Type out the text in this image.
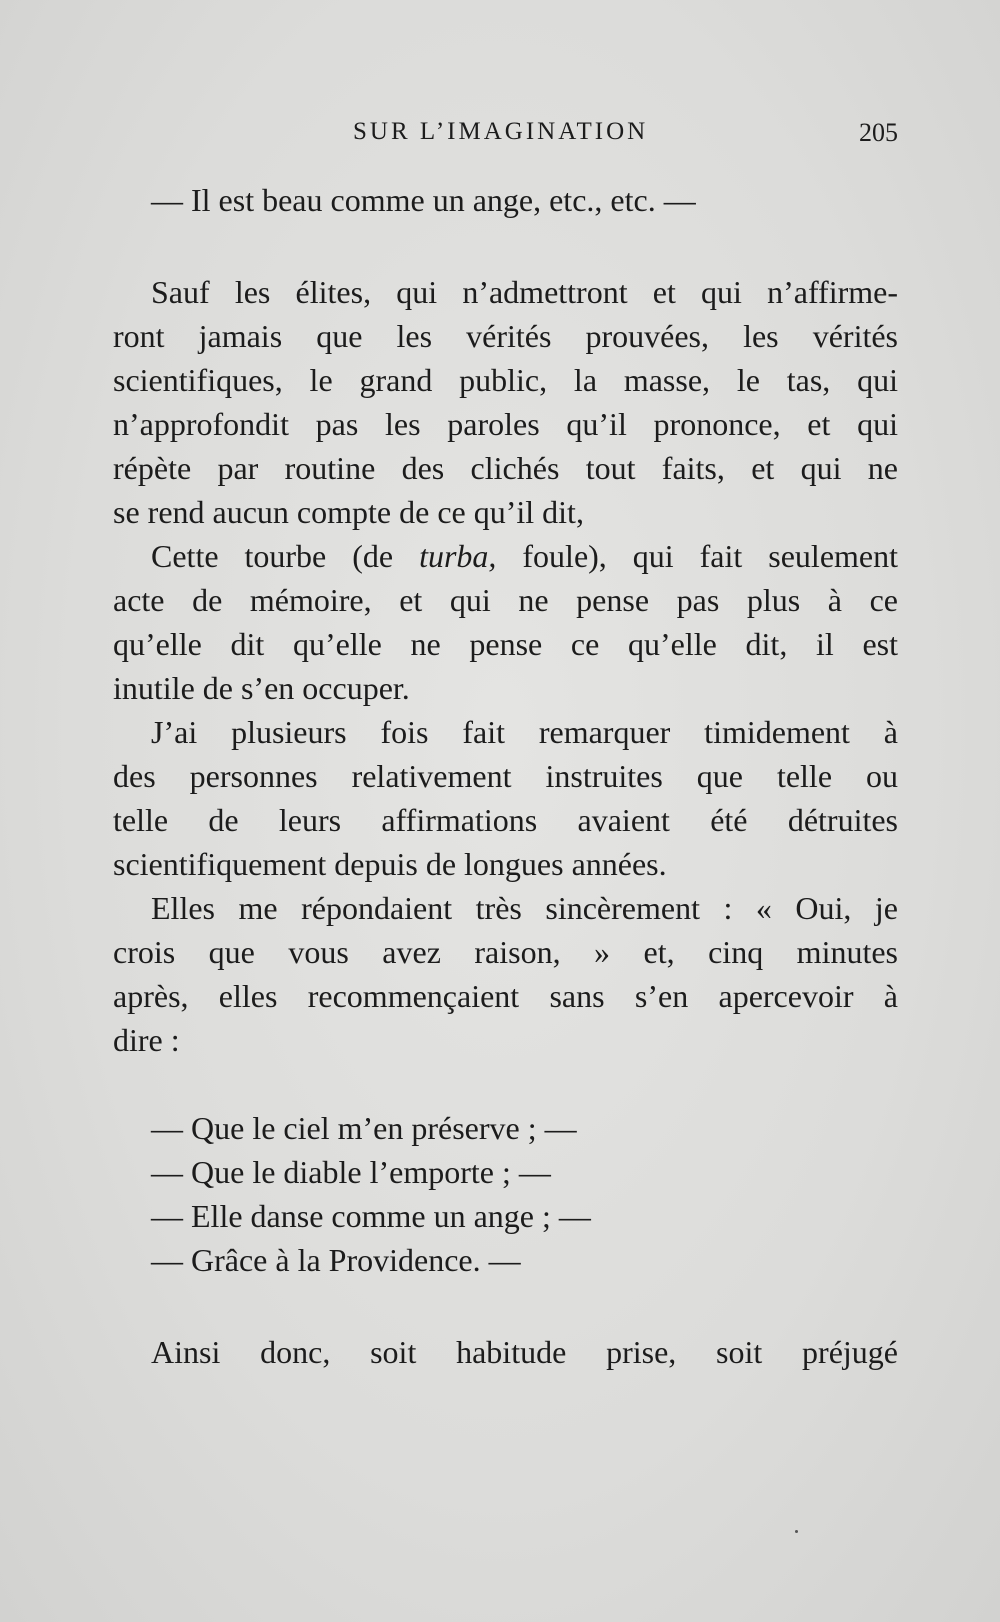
SUR L’IMAGINATION	205
— Il est beau comme un ange, etc., etc. —
Sauf les élites, qui n’admettront et qui n’affirme-
ront jamais que les vérités prouvées, les vérités
scientifiques, le grand public, la masse, le tas, qui
n’approfondit pas les paroles qu’il prononce, et qui
répète par routine des clichés tout faits, et qui ne
se rend aucun compte de ce qu’il dit,
Cette tourbe (de turba, foule), qui fait seulement
acte de mémoire, et qui ne pense pas plus à ce
qu’elle dit qu’elle ne pense ce qu’elle dit, il est
inutile de s’en occuper.
J’ai plusieurs fois fait remarquer timidement à
des personnes relativement instruites que telle ou
telle de leurs affirmations avaient été détruites
scientifiquement depuis de longues années.
Elles me répondaient très sincèrement : « Oui, je
crois que vous avez raison, » et, cinq minutes
après, elles recommençaient sans s’en apercevoir à
dire :
— Que le ciel m’en préserve ; —
— Que le diable l’emporte ; —
— Elle danse comme un ange ; —
— Grâce à la Providence. —
Ainsi donc, soit habitude prise, soit préjugé
